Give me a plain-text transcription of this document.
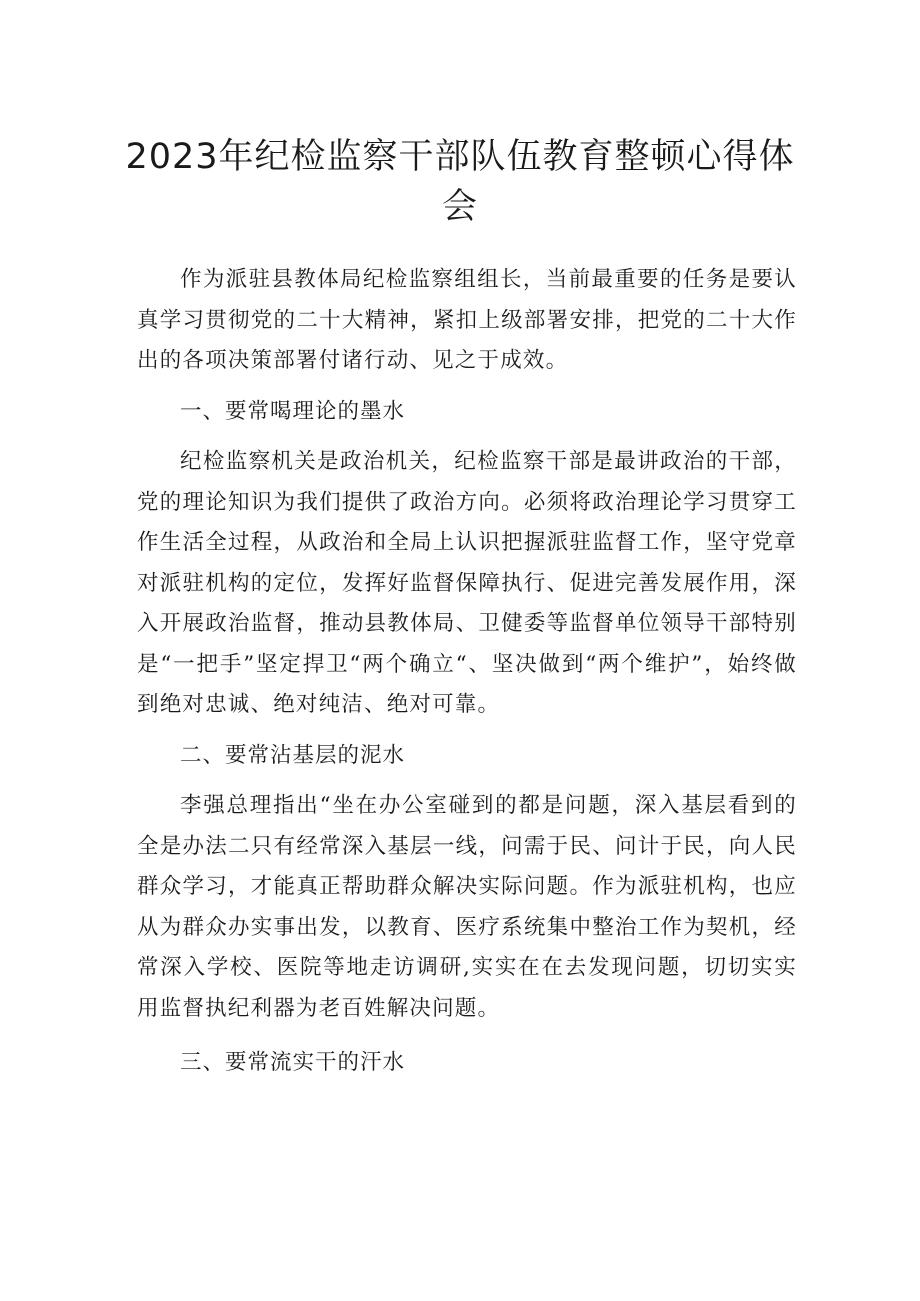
2023年纪检监察干部队伍教育整顿心得体会

作为派驻县教体局纪检监察组组长，当前最重要的任务是要认真学习贯彻党的二十大精神，紧扣上级部署安排，把党的二十大作出的各项决策部署付诸行动、见之于成效。

一、要常喝理论的墨水

纪检监察机关是政治机关，纪检监察干部是最讲政治的干部，党的理论知识为我们提供了政治方向。必须将政治理论学习贯穿工作生活全过程，从政治和全局上认识把握派驻监督工作，坚守党章对派驻机构的定位，发挥好监督保障执行、促进完善发展作用，深入开展政治监督，推动县教体局、卫健委等监督单位领导干部特别是“一把手”坚定捍卫“两个确立“、坚决做到“两个维护”，始终做到绝对忠诚、绝对纯洁、绝对可靠。

二、要常沾基层的泥水

李强总理指出“坐在办公室碰到的都是问题，深入基层看到的全是办法二只有经常深入基层一线，问需于民、问计于民，向人民群众学习，才能真正帮助群众解决实际问题。作为派驻机构，也应从为群众办实事出发，以教育、医疗系统集中整治工作为契机，经常深入学校、医院等地走访调研,实实在在去发现问题，切切实实用监督执纪利器为老百姓解决问题。

三、要常流实干的汗水
